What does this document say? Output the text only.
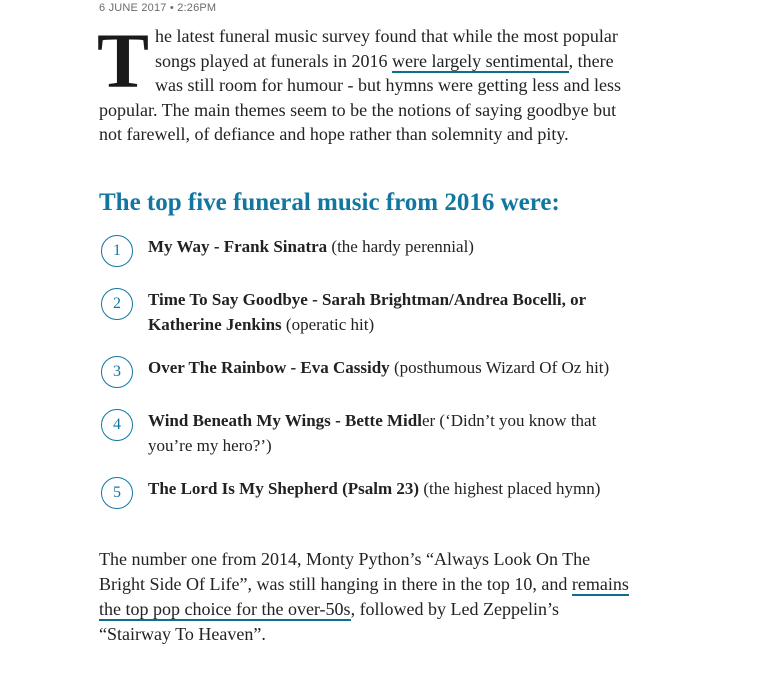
6 JUNE 2017 • 2:26PM

The latest funeral music survey found that while the most popular songs played at funerals in 2016 were largely sentimental, there was still room for humour - but hymns were getting less and less popular. The main themes seem to be the notions of saying goodbye but not farewell, of defiance and hope rather than solemnity and pity.

The top five funeral music from 2016 were:
1	My Way - Frank Sinatra (the hardy perennial)
2	Time To Say Goodbye - Sarah Brightman/Andrea Bocelli, or Katherine Jenkins (operatic hit)
3	Over The Rainbow - Eva Cassidy (posthumous Wizard Of Oz hit)
4	Wind Beneath My Wings - Bette Midler (‘Didn’t you know that you’re my hero?’)
5	The Lord Is My Shepherd (Psalm 23) (the highest placed hymn)

The number one from 2014, Monty Python’s “Always Look On The Bright Side Of Life”, was still hanging in there in the top 10, and remains the top pop choice for the over-50s, followed by Led Zeppelin’s “Stairway To Heaven”.
